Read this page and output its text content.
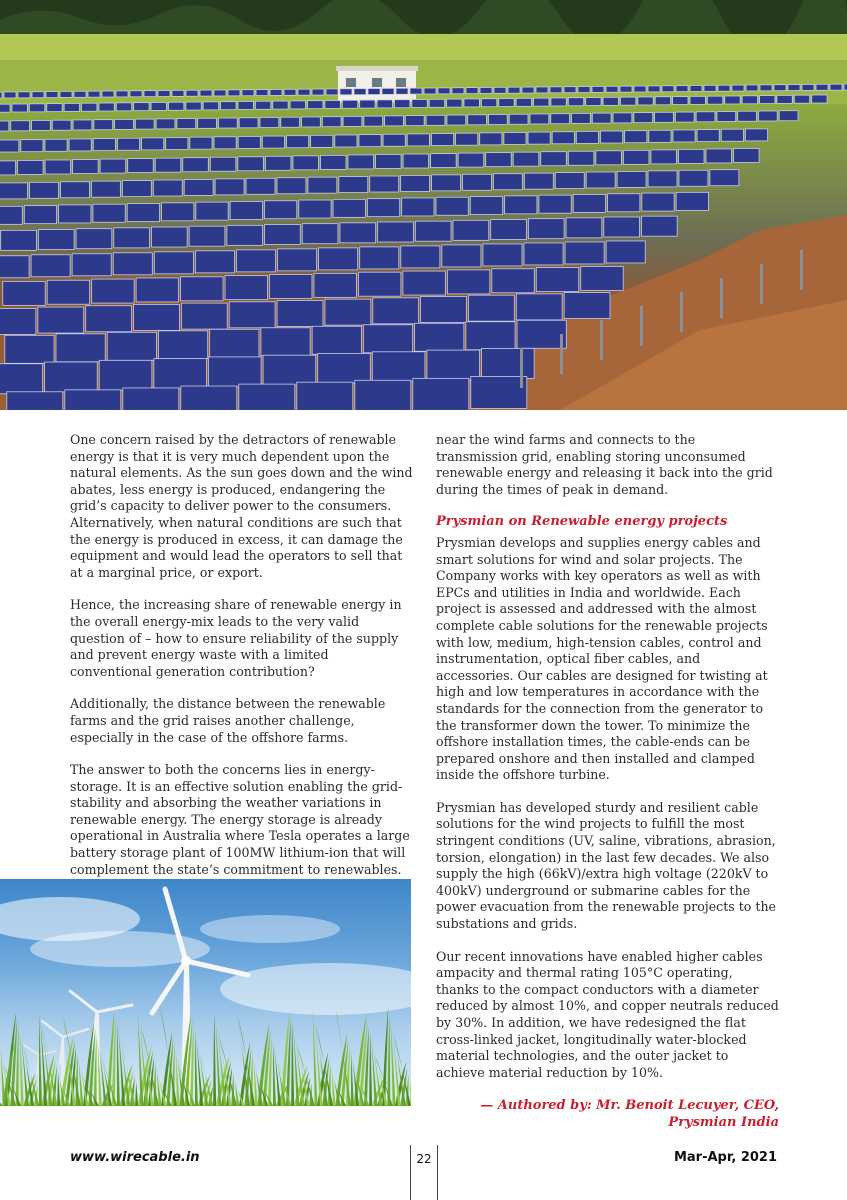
One concern raised by the detractors of renewable energy is that it is very much dependent upon the natural elements. As the sun goes down and the wind abates, less energy is produced, endangering the grid’s capacity to deliver power to the consumers. Alternatively, when natural conditions are such that the energy is produced in excess, it can damage the equipment and would lead the operators to sell that at a marginal price, or export.

Hence, the increasing share of renewable energy in the overall energy-mix leads to the very valid question of – how to ensure reliability of the supply and prevent energy waste with a limited conventional generation contribution?

Additionally, the distance between the renewable farms and the grid raises another challenge, especially in the case of the offshore farms.

The answer to both the concerns lies in energy-storage. It is an effective solution enabling the grid-stability and absorbing the weather variations in renewable energy. The energy storage is already operational in Australia where Tesla operates a large battery storage plant of 100MW lithium-ion that will complement the state’s commitment to renewables.

near the wind farms and connects to the transmission grid, enabling storing unconsumed renewable energy and releasing it back into the grid during the times of peak in demand.

Prysmian on Renewable energy projects

Prysmian develops and supplies energy cables and smart solutions for wind and solar projects. The Company works with key operators as well as with EPCs and utilities in India and worldwide. Each project is assessed and addressed with the almost complete cable solutions for the renewable projects with low, medium, high-tension cables, control and instrumentation, optical fiber cables, and accessories. Our cables are designed for twisting at high and low temperatures in accordance with the standards for the connection from the generator to the transformer down the tower. To minimize the offshore installation times, the cable-ends can be prepared onshore and then installed and clamped inside the offshore turbine.

Prysmian has developed sturdy and resilient cable solutions for the wind projects to fulfill the most stringent conditions (UV, saline, vibrations, abrasion, torsion, elongation) in the last few decades. We also supply the high (66kV)/extra high voltage (220kV to 400kV) underground or submarine cables for the power evacuation from the renewable projects to the substations and grids.

Our recent innovations have enabled higher cables ampacity and thermal rating 105°C operating, thanks to the compact conductors with a diameter reduced by almost 10%, and copper neutrals reduced by 30%. In addition, we have redesigned the flat cross-linked jacket, longitudinally water-blocked material technologies, and the outer jacket to achieve material reduction by 10%.

— Authored by: Mr. Benoit Lecuyer, CEO,
Prysmian India
www.wirecable.in	22	Mar-Apr, 2021
